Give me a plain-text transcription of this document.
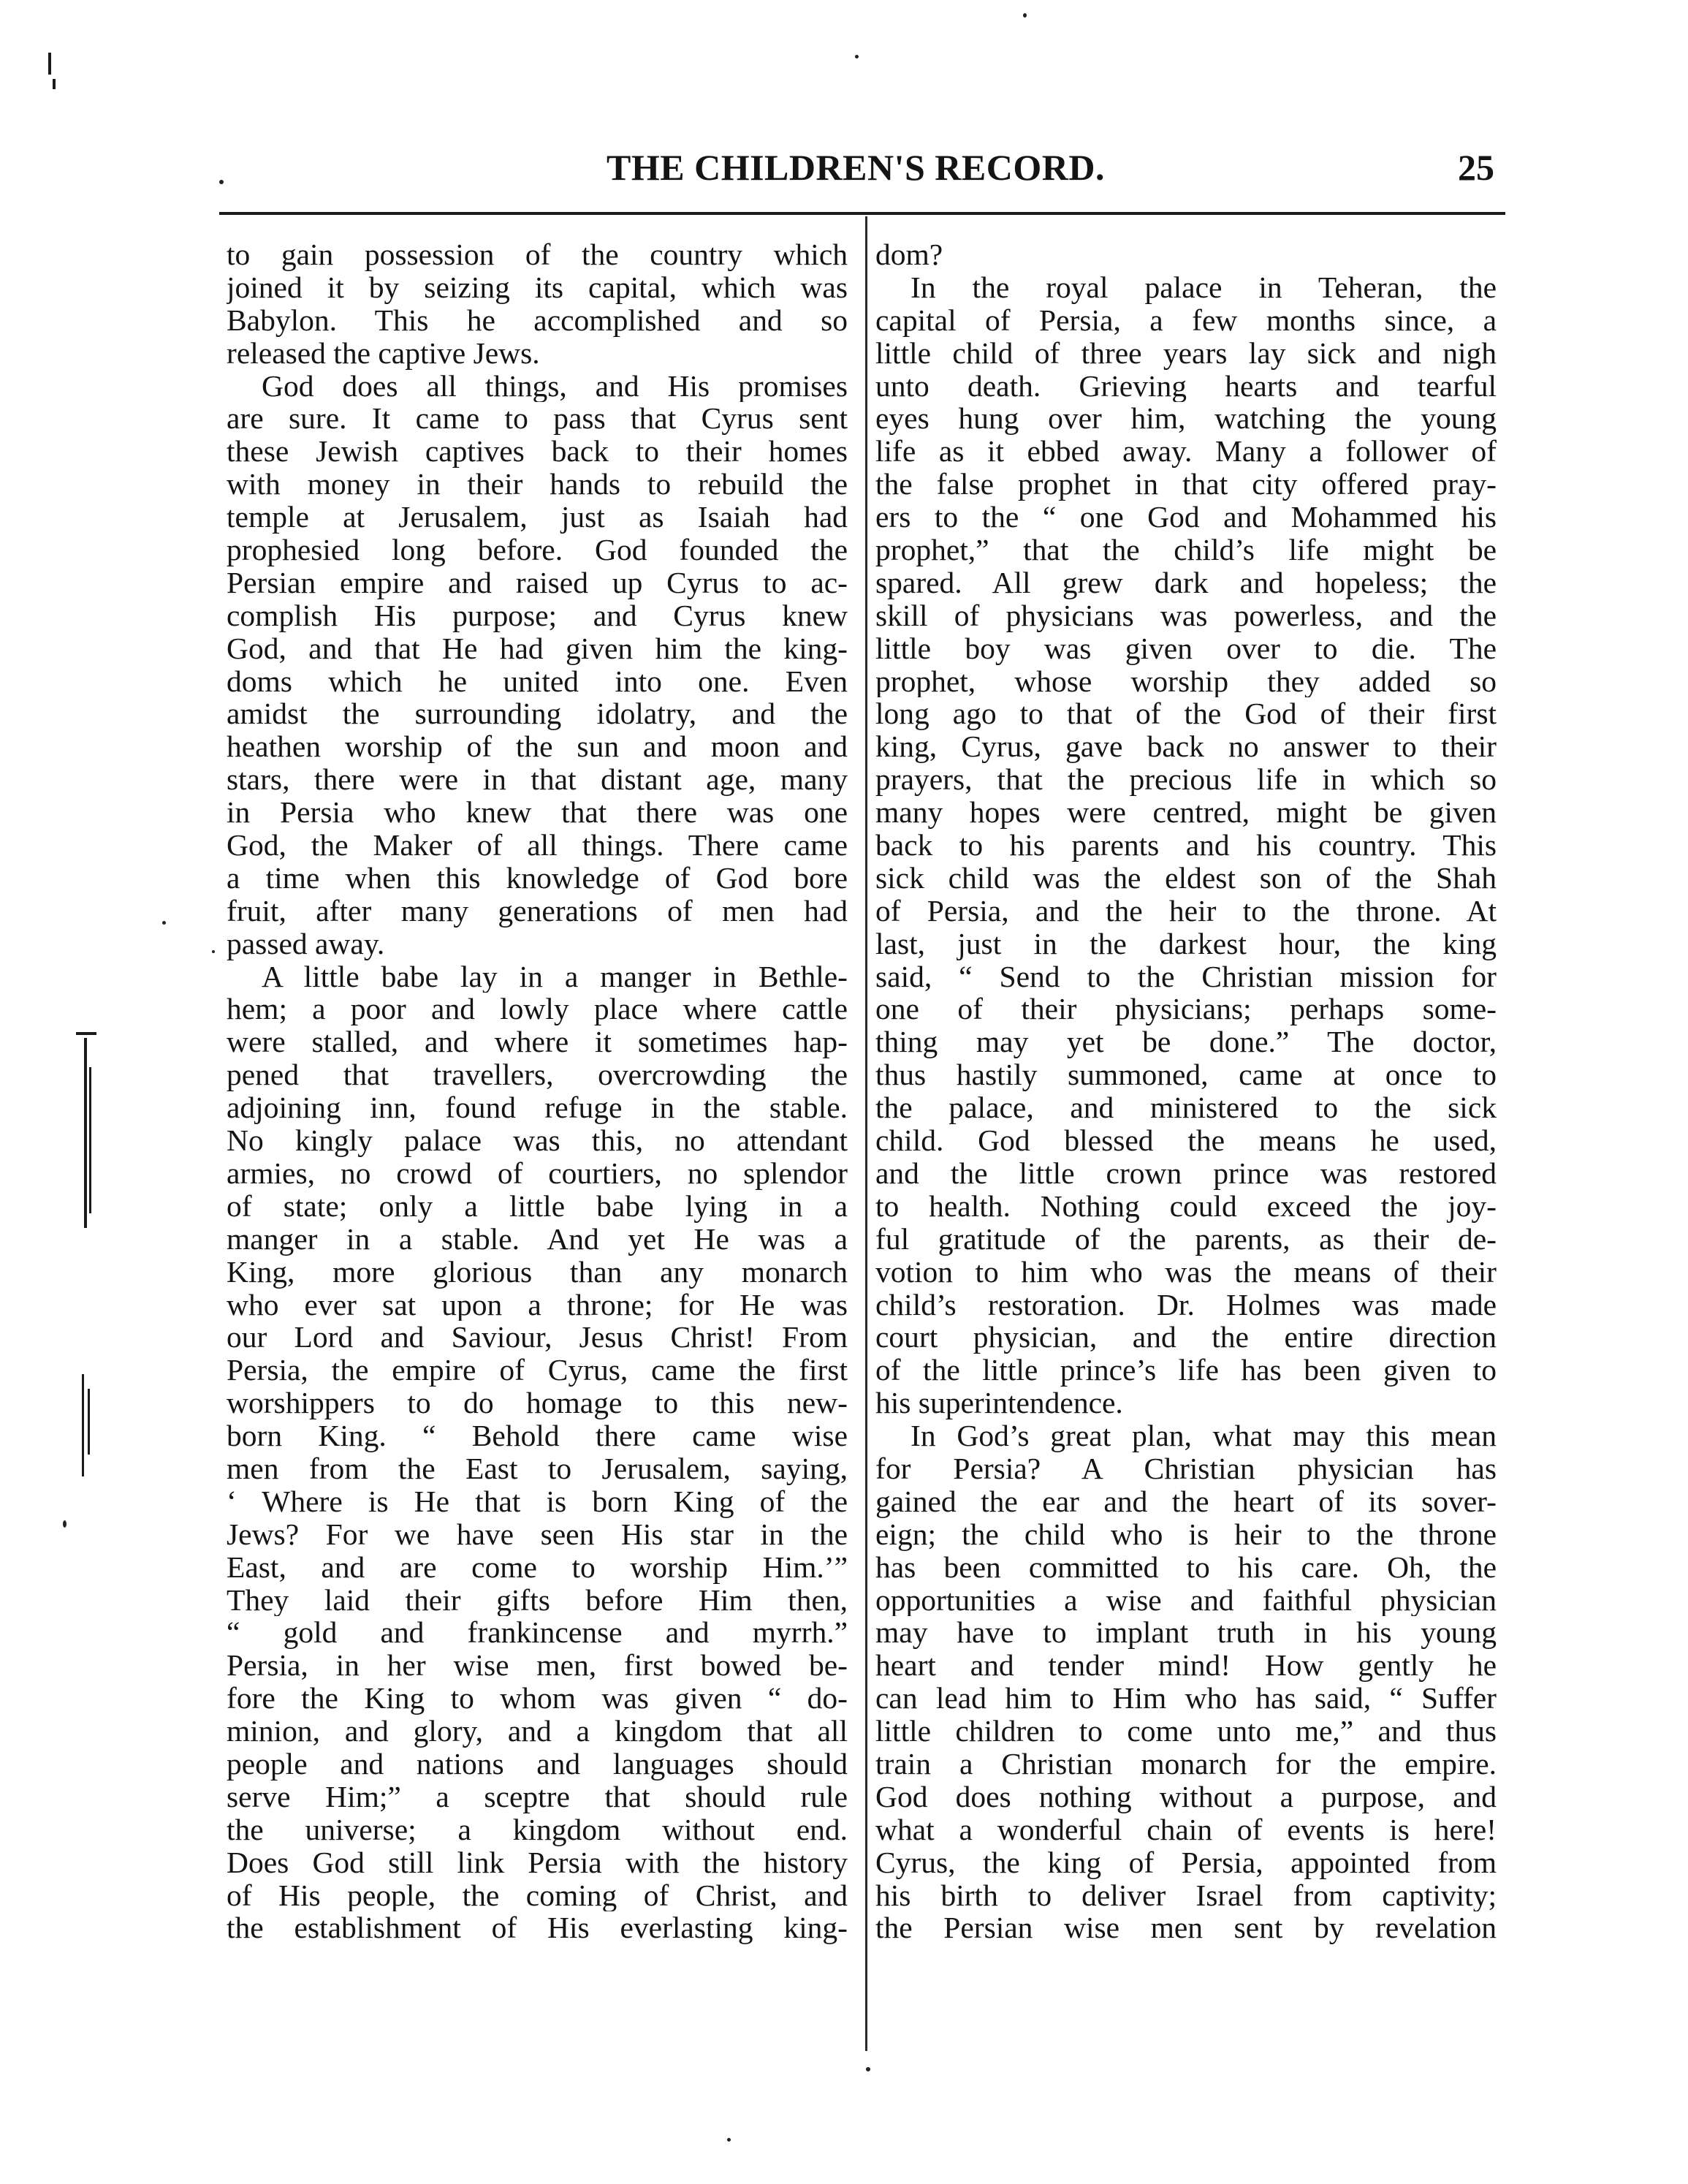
THE CHILDREN'S RECORD.	25
to gain possession of the country which
joined it by seizing its capital, which was
Babylon. This he accomplished and so
released the captive Jews.
God does all things, and His promises
are sure. It came to pass that Cyrus sent
these Jewish captives back to their homes
with money in their hands to rebuild the
temple at Jerusalem, just as Isaiah had
prophesied long before. God founded the
Persian empire and raised up Cyrus to ac-
complish His purpose; and Cyrus knew
God, and that He had given him the king-
doms which he united into one. Even
amidst the surrounding idolatry, and the
heathen worship of the sun and moon and
stars, there were in that distant age, many
in Persia who knew that there was one
God, the Maker of all things. There came
a time when this knowledge of God bore
fruit, after many generations of men had
passed away.
A little babe lay in a manger in Bethle-
hem; a poor and lowly place where cattle
were stalled, and where it sometimes hap-
pened that travellers, overcrowding the
adjoining inn, found refuge in the stable.
No kingly palace was this, no attendant
armies, no crowd of courtiers, no splendor
of state; only a little babe lying in a
manger in a stable. And yet He was a
King, more glorious than any monarch
who ever sat upon a throne; for He was
our Lord and Saviour, Jesus Christ! From
Persia, the empire of Cyrus, came the first
worshippers to do homage to this new-
born King. “ Behold there came wise
men from the East to Jerusalem, saying,
‘ Where is He that is born King of the
Jews? For we have seen His star in the
East, and are come to worship Him.’”
They laid their gifts before Him then,
“ gold and frankincense and myrrh.”
Persia, in her wise men, first bowed be-
fore the King to whom was given “ do-
minion, and glory, and a kingdom that all
people and nations and languages should
serve Him;” a sceptre that should rule
the universe; a kingdom without end.
Does God still link Persia with the history
of His people, the coming of Christ, and
the establishment of His everlasting king-
dom?
In the royal palace in Teheran, the
capital of Persia, a few months since, a
little child of three years lay sick and nigh
unto death. Grieving hearts and tearful
eyes hung over him, watching the young
life as it ebbed away. Many a follower of
the false prophet in that city offered pray-
ers to the “ one God and Mohammed his
prophet,” that the child’s life might be
spared. All grew dark and hopeless; the
skill of physicians was powerless, and the
little boy was given over to die. The
prophet, whose worship they added so
long ago to that of the God of their first
king, Cyrus, gave back no answer to their
prayers, that the precious life in which so
many hopes were centred, might be given
back to his parents and his country. This
sick child was the eldest son of the Shah
of Persia, and the heir to the throne. At
last, just in the darkest hour, the king
said, “ Send to the Christian mission for
one of their physicians; perhaps some-
thing may yet be done.” The doctor,
thus hastily summoned, came at once to
the palace, and ministered to the sick
child. God blessed the means he used,
and the little crown prince was restored
to health. Nothing could exceed the joy-
ful gratitude of the parents, as their de-
votion to him who was the means of their
child’s restoration. Dr. Holmes was made
court physician, and the entire direction
of the little prince’s life has been given to
his superintendence.
In God’s great plan, what may this mean
for Persia? A Christian physician has
gained the ear and the heart of its sover-
eign; the child who is heir to the throne
has been committed to his care. Oh, the
opportunities a wise and faithful physician
may have to implant truth in his young
heart and tender mind! How gently he
can lead him to Him who has said, “ Suffer
little children to come unto me,” and thus
train a Christian monarch for the empire.
God does nothing without a purpose, and
what a wonderful chain of events is here!
Cyrus, the king of Persia, appointed from
his birth to deliver Israel from captivity;
the Persian wise men sent by revelation
